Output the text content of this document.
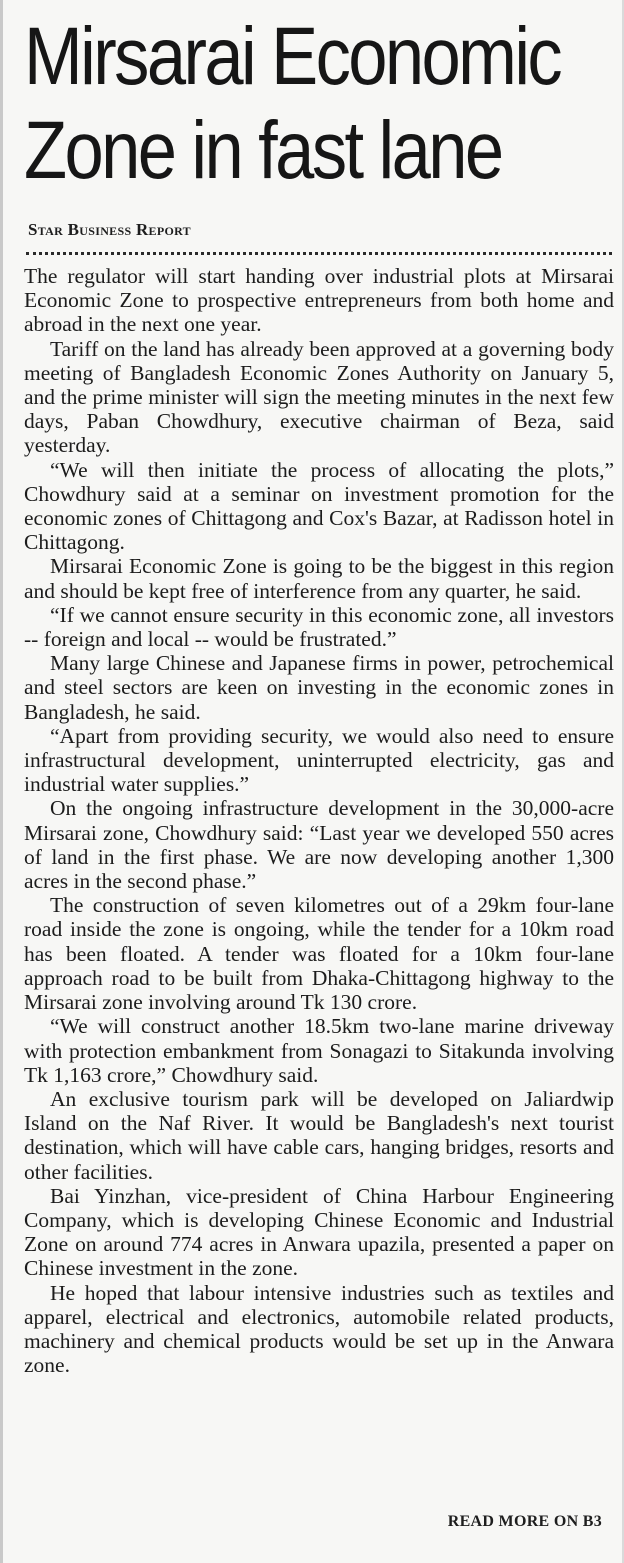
Mirsarai Economic
Zone in fast lane
Star Business Report

The regulator will start handing over industrial plots at Mirsarai Economic Zone to prospective entrepreneurs from both home and abroad in the next one year.

Tariff on the land has already been approved at a governing body meeting of Bangladesh Economic Zones Authority on January 5, and the prime minister will sign the meeting minutes in the next few days, Paban Chowdhury, executive chairman of Beza, said yesterday.

“We will then initiate the process of allocating the plots,” Chowdhury said at a seminar on investment promotion for the economic zones of Chittagong and Cox's Bazar, at Radisson hotel in Chittagong.

Mirsarai Economic Zone is going to be the biggest in this region and should be kept free of interference from any quarter, he said.

“If we cannot ensure security in this economic zone, all investors -- foreign and local -- would be frustrated.”

Many large Chinese and Japanese firms in power, petrochemical and steel sectors are keen on investing in the economic zones in Bangladesh, he said.

“Apart from providing security, we would also need to ensure infrastructural development, uninterrupted electricity, gas and industrial water supplies.”

On the ongoing infrastructure development in the 30,000-acre Mirsarai zone, Chowdhury said: “Last year we developed 550 acres of land in the first phase. We are now developing another 1,300 acres in the second phase.”

The construction of seven kilometres out of a 29km four-lane road inside the zone is ongoing, while the tender for a 10km road has been floated. A tender was floated for a 10km four-lane approach road to be built from Dhaka-Chittagong highway to the Mirsarai zone involving around Tk 130 crore.

“We will construct another 18.5km two-lane marine driveway with protection embankment from Sonagazi to Sitakunda involving Tk 1,163 crore,” Chowdhury said.

An exclusive tourism park will be developed on Jaliardwip Island on the Naf River. It would be Bangladesh's next tourist destination, which will have cable cars, hanging bridges, resorts and other facilities.

Bai Yinzhan, vice-president of China Harbour Engineering Company, which is developing Chinese Economic and Industrial Zone on around 774 acres in Anwara upazila, presented a paper on Chinese investment in the zone.

He hoped that labour intensive industries such as textiles and apparel, electrical and electronics, automobile related products, machinery and chemical products would be set up in the Anwara zone.

READ MORE ON B3
